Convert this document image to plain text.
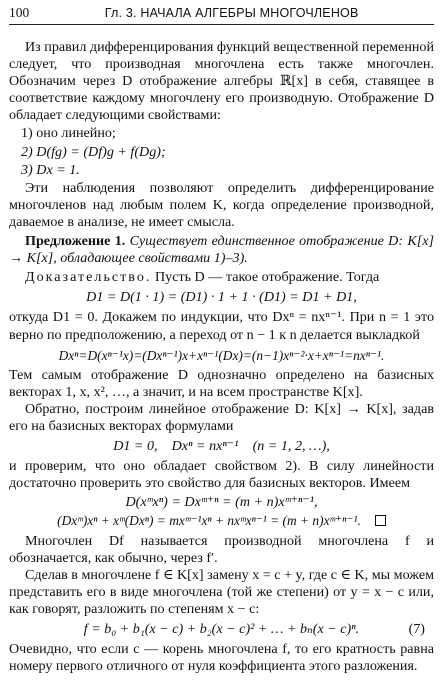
100	Гл. 3. НАЧАЛА АЛГЕБРЫ МНОГОЧЛЕНОВ

Из правил дифференцирования функций вещественной переменной следует, что производная многочлена есть также многочлен. Обозначим через D отображение алгебры ℝ[x] в себя, ставящее в соответствие каждому многочлену его производную. Отображение D обладает следующими свойствами:

1) оно линейно;
2) D(fg) = (Df)g + f(Dg);
3) Dx = 1.

Эти наблюдения позволяют определить дифференцирование многочленов над любым полем K, когда определение производной, даваемое в анализе, не имеет смысла.

Предложение 1. Существует единственное отображение D: K[x] → K[x], обладающее свойствами 1)–3).

Доказательство. Пусть D — такое отображение. Тогда

D1 = D(1 · 1) = (D1) · 1 + 1 · (D1) = D1 + D1,

откуда D1 = 0. Докажем по индукции, что Dxⁿ = nxⁿ⁻¹. При n = 1 это верно по предположению, а переход от n − 1 к n делается выкладкой

Dxⁿ=D(xⁿ⁻¹x)=(Dxⁿ⁻¹)x+xⁿ⁻¹(Dx)=(n−1)xⁿ⁻²·x+xⁿ⁻¹=nxⁿ⁻¹.

Тем самым отображение D однозначно определено на базисных векторах 1, x, x², …, а значит, и на всем пространстве K[x].

Обратно, построим линейное отображение D: K[x] → K[x], задав его на базисных векторах формулами

D1 = 0,    Dxⁿ = nxⁿ⁻¹    (n = 1, 2, …),

и проверим, что оно обладает свойством 2). В силу линейности достаточно проверить это свойство для базисных векторов. Имеем

D(xᵐxⁿ) = Dxᵐ⁺ⁿ = (m + n)xᵐ⁺ⁿ⁻¹,
(Dxᵐ)xⁿ + xᵐ(Dxⁿ) = mxᵐ⁻¹xⁿ + nxᵐxⁿ⁻¹ = (m + n)xᵐ⁺ⁿ⁻¹.

Многочлен Df называется производной многочлена f и обозначается, как обычно, через f′.

Сделав в многочлене f ∈ K[x] замену x = c + y, где c ∈ K, мы можем представить его в виде многочлена (той же степени) от y = x − c или, как говорят, разложить по степеням x − c:

f = b₀ + b₁(x − c) + b₂(x − c)² + … + bₙ(x − c)ⁿ.	(7)

Очевидно, что если c — корень многочлена f, то его кратность равна номеру первого отличного от нуля коэффициента этого разложения.
